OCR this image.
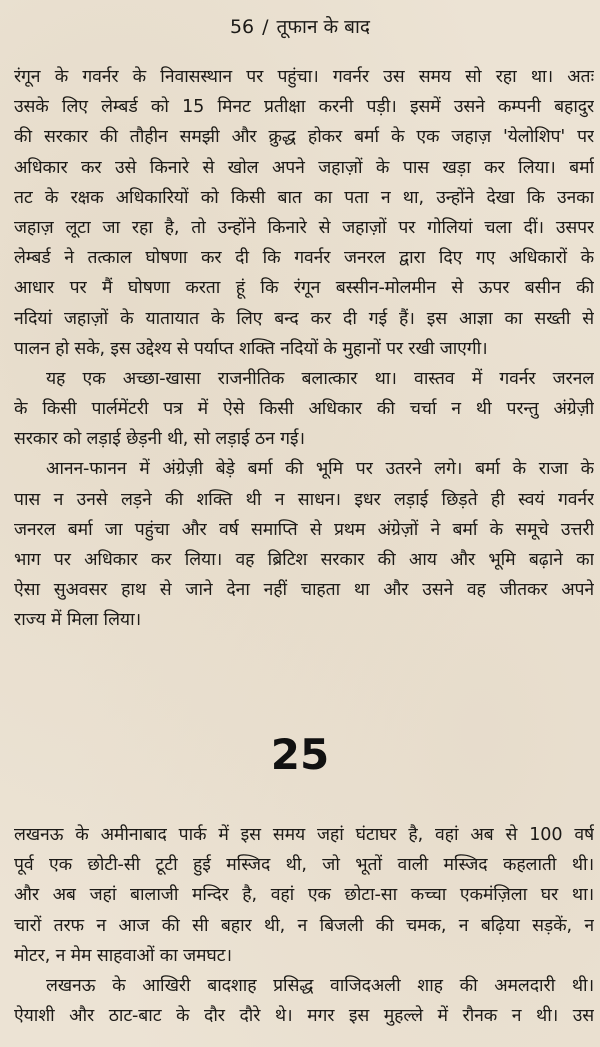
56 / तूफान के बाद
रंगून के गवर्नर के निवासस्थान पर पहुंचा। गवर्नर उस समय सो रहा था। अतः
उसके लिए लेम्बर्ड को 15 मिनट प्रतीक्षा करनी पड़ी। इसमें उसने कम्पनी बहादुर
की सरकार की तौहीन समझी और क्रुद्ध होकर बर्मा के एक जहाज़ 'येलोशिप' पर
अधिकार कर उसे किनारे से खोल अपने जहाज़ों के पास खड़ा कर लिया। बर्मा
तट के रक्षक अधिकारियों को किसी बात का पता न था, उन्होंने देखा कि उनका
जहाज़ लूटा जा रहा है, तो उन्होंने किनारे से जहाज़ों पर गोलियां चला दीं। उसपर
लेम्बर्ड ने तत्काल घोषणा कर दी कि गवर्नर जनरल द्वारा दिए गए अधिकारों के
आधार पर मैं घोषणा करता हूं कि रंगून बस्सीन-मोलमीन से ऊपर बसीन की
नदियां जहाज़ों के यातायात के लिए बन्द कर दी गई हैं। इस आज्ञा का सख्ती से
पालन हो सके, इस उद्देश्य से पर्याप्त शक्ति नदियों के मुहानों पर रखी जाएगी।
यह एक अच्छा-खासा राजनीतिक बलात्कार था। वास्तव में गवर्नर जरनल
के किसी पार्लमेंटरी पत्र में ऐसे किसी अधिकार की चर्चा न थी परन्तु अंग्रेज़ी
सरकार को लड़ाई छेड़नी थी, सो लड़ाई ठन गई।
आनन-फानन में अंग्रेज़ी बेड़े बर्मा की भूमि पर उतरने लगे। बर्मा के राजा के
पास न उनसे लड़ने की शक्ति थी न साधन। इधर लड़ाई छिड़ते ही स्वयं गवर्नर
जनरल बर्मा जा पहुंचा और वर्ष समाप्ति से प्रथम अंग्रेज़ों ने बर्मा के समूचे उत्तरी
भाग पर अधिकार कर लिया। वह ब्रिटिश सरकार की आय और भूमि बढ़ाने का
ऐसा सुअवसर हाथ से जाने देना नहीं चाहता था और उसने वह जीतकर अपने
राज्य में मिला लिया।
25
लखनऊ के अमीनाबाद पार्क में इस समय जहां घंटाघर है, वहां अब से 100 वर्ष
पूर्व एक छोटी-सी टूटी हुई मस्जिद थी, जो भूतों वाली मस्जिद कहलाती थी।
और अब जहां बालाजी मन्दिर है, वहां एक छोटा-सा कच्चा एकमंज़िला घर था।
चारों तरफ न आज की सी बहार थी, न बिजली की चमक, न बढ़िया सड़कें, न
मोटर, न मेम साहवाओं का जमघट।
लखनऊ के आखिरी बादशाह प्रसिद्ध वाजिदअली शाह की अमलदारी थी।
ऐयाशी और ठाट-बाट के दौर दौरे थे। मगर इस मुहल्ले में रौनक न थी। उस
